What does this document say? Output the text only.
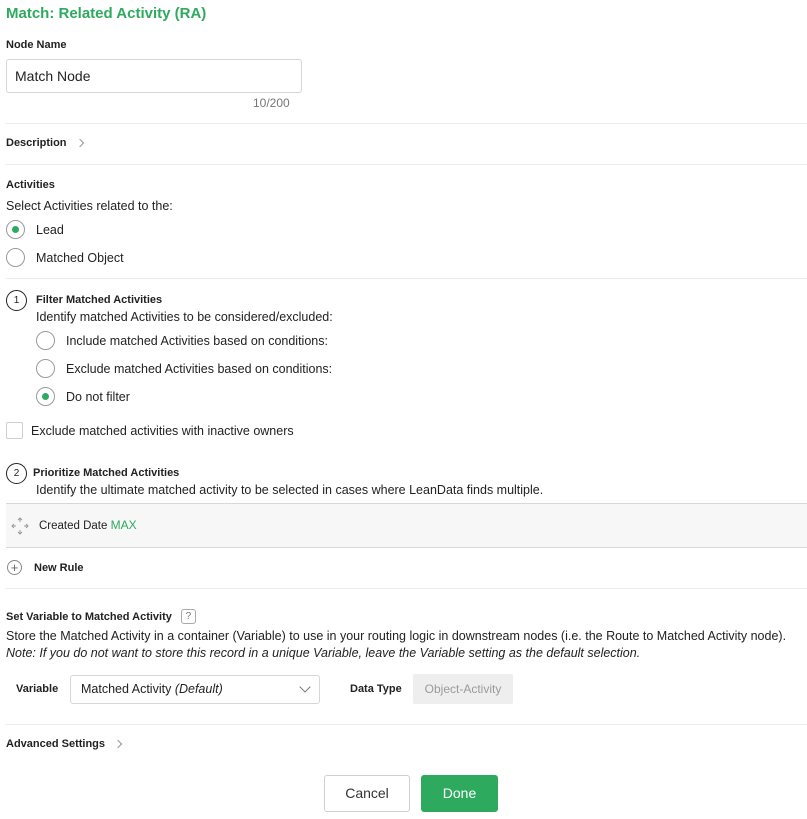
Match: Related Activity (RA)
Node Name
Match Node
10/200
Description
Activities
Select Activities related to the:
Lead
Matched Object
1	Filter Matched Activities
Identify matched Activities to be considered/excluded:
Include matched Activities based on conditions:
Exclude matched Activities based on conditions:
Do not filter
Exclude matched activities with inactive owners
2	Prioritize Matched Activities
Identify the ultimate matched activity to be selected in cases where LeanData finds multiple.
Created Date MAX
+	New Rule
Set Variable to Matched Activity	?
Store the Matched Activity in a container (Variable) to use in your routing logic in downstream nodes (i.e. the Route to Matched Activity node).
Note: If you do not want to store this record in a unique Variable, leave the Variable setting as the default selection.
Variable	Matched Activity (Default)	Data Type	Object-Activity
Advanced Settings
Cancel	Done
